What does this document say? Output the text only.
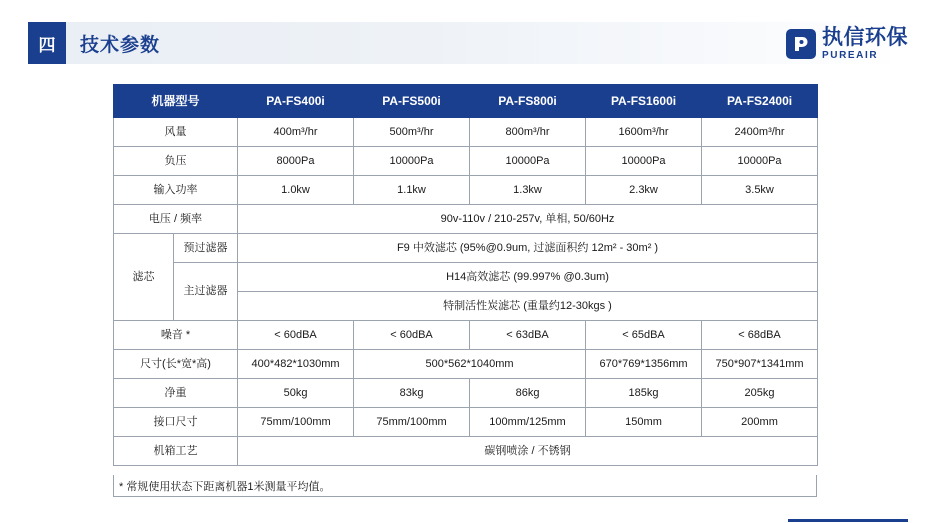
四	技术参数	执信环保
PUREAIR
机器型号		PA-FS400i	PA-FS500i	PA-FS800i	PA-FS1600i	PA-FS2400i
风量		400m³/hr	500m³/hr	800m³/hr	1600m³/hr	2400m³/hr
负压		8000Pa	10000Pa	10000Pa	10000Pa	10000Pa
输入功率		1.0kw	1.1kw	1.3kw	2.3kw	3.5kw
电压 / 频率		90v-110v / 210-257v, 单相, 50/60Hz				
滤芯	预过滤器	F9 中效滤芯 (95%@0.9um, 过滤面积约 12m² - 30m² )				
	主过滤器	H14高效滤芯 (99.997% @0.3um)				
		特制活性炭滤芯 (重量约12-30kgs )				
噪音 *		< 60dBA	< 60dBA	< 63dBA	< 65dBA	< 68dBA
尺寸(长*宽*高)		400*482*1030mm	500*562*1040mm		670*769*1356mm	750*907*1341mm
净重		50kg	83kg	86kg	185kg	205kg
接口尺寸		75mm/100mm	75mm/100mm	100mm/125mm	150mm	200mm
机箱工艺		碳钢喷涂 / 不锈钢				
* 常规使用状态下距离机器1米测量平均值。
